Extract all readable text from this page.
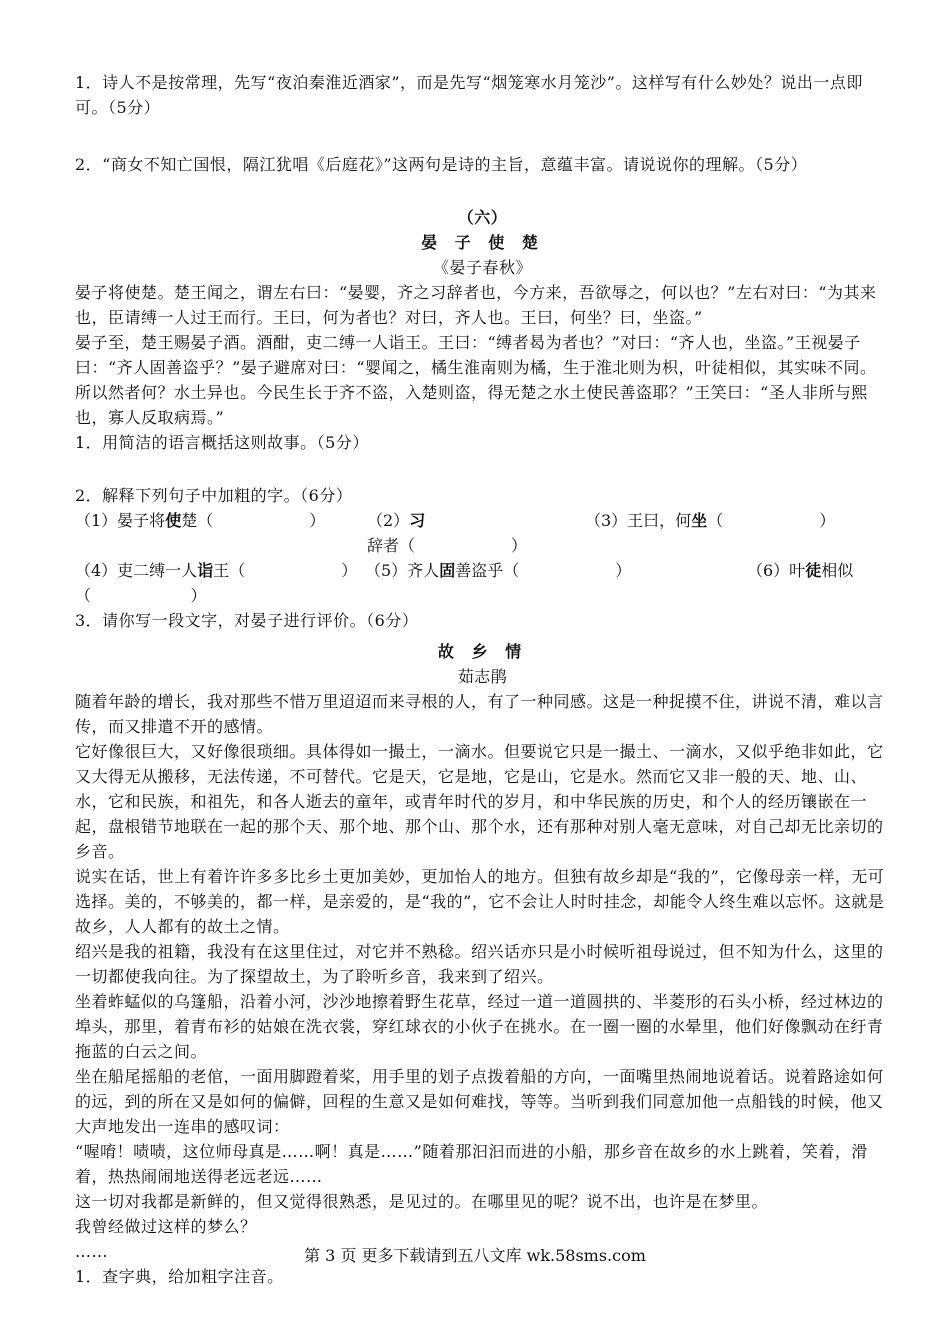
1．诗人不是按常理，先写“夜泊秦淮近酒家”，而是先写“烟笼寒水月笼沙”。这样写有什么妙处？说出一点即可。（5分）

2．“商女不知亡国恨，隔江犹唱《后庭花》”这两句是诗的主旨，意蕴丰富。请说说你的理解。（5分）

（六）

晏 子 使 楚

《晏子春秋》

晏子将使楚。楚王闻之，谓左右曰：“晏婴，齐之习辞者也，今方来，吾欲辱之，何以也？”左右对曰：“为其来也，臣请缚一人过王而行。王曰，何为者也？对曰，齐人也。王曰，何坐？曰，坐盗。”

晏子至，楚王赐晏子酒。酒酣，吏二缚一人诣王。王曰：“缚者曷为者也？”对曰：“齐人也，坐盗。”王视晏子曰：“齐人固善盗乎？”晏子避席对曰：“婴闻之，橘生淮南则为橘，生于淮北则为枳，叶徒相似，其实味不同。所以然者何？水土异也。今民生长于齐不盗，入楚则盗，得无楚之水土使民善盗耶？”王笑曰：“圣人非所与熙也，寡人反取病焉。”

1．用简洁的语言概括这则故事。（5分）

2．解释下列句子中加粗的字。（6分）

（1）晏子将使楚（　　　　　　）	（2）习辞者（　　　　　　）
（3）王曰，何坐（　　　　　　）
（4）吏二缚一人诣王（　　　　　　） （5）齐人固善盗乎（　　　　　　）	（6）叶徒相似

（　　　　　　）

3．请你写一段文字，对晏子进行评价。（6分）

故 乡 情

茹志鹃

随着年龄的增长，我对那些不惜万里迢迢而来寻根的人，有了一种同感。这是一种捉摸不住，讲说不清，难以言传，而又排遣不开的感情。

它好像很巨大，又好像很琐细。具体得如一撮土，一滴水。但要说它只是一撮土、一滴水，又似乎绝非如此，它又大得无从搬移，无法传递，不可替代。它是天，它是地，它是山，它是水。然而它又非一般的天、地、山、水，它和民族，和祖先，和各人逝去的童年，或青年时代的岁月，和中华民族的历史，和个人的经历镶嵌在一起，盘根错节地联在一起的那个天、那个地、那个山、那个水，还有那种对别人毫无意味，对自己却无比亲切的乡音。

说实在话，世上有着许许多多比乡土更加美妙，更加怡人的地方。但独有故乡却是“我的”，它像母亲一样，无可选择。美的，不够美的，都一样，是亲爱的，是“我的”，它不会让人时时挂念，却能令人终生难以忘怀。这就是故乡，人人都有的故土之情。

绍兴是我的祖籍，我没有在这里住过，对它并不熟稔。绍兴话亦只是小时候听祖母说过，但不知为什么，这里的一切都使我向往。为了探望故土，为了聆听乡音，我来到了绍兴。

坐着蚱蜢似的乌篷船，沿着小河，沙沙地擦着野生花草，经过一道一道圆拱的、半菱形的石头小桥，经过林边的埠头，那里，着青布衫的姑娘在洗衣裳，穿红球衣的小伙子在挑水。在一圈一圈的水晕里，他们好像飘动在纡青拖蓝的白云之间。

坐在船尾摇船的老倌，一面用脚蹬着桨，用手里的划子点拨着船的方向，一面嘴里热闹地说着话。说着路途如何的远，到的所在又是如何的偏僻，回程的生意又是如何难找，等等。当听到我们同意加他一点船钱的时候，他又大声地发出一连串的感叹词：

“喔唷！啧啧，这位师母真是……啊！真是……”随着那汩汩而进的小船，那乡音在故乡的水上跳着，笑着，滑着，热热闹闹地送得老远老远……

这一切对我都是新鲜的，但又觉得很熟悉，是见过的。在哪里见的呢？说不出，也许是在梦里。

我曾经做过这样的梦么？

……

1．查字典，给加粗字注音。

第 3 页 更多下载请到五八文库 wk.58sms.com
